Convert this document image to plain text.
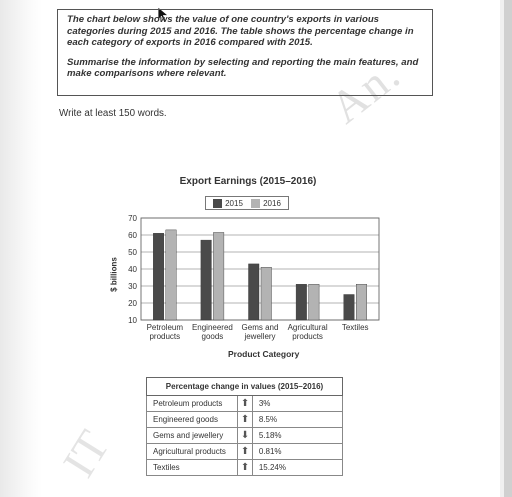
An.
IT

The chart below shows the value of one country's exports in various categories during 2015 and 2016. The table shows the percentage change in each category of exports in 2016 compared with 2015.

Summarise the information by selecting and reporting the main features, and make comparisons where relevant.

Write at least 150 words.
Export Earnings (2015–2016)
2015	2016
$ billions
Product Category
10
20
30
40
50
60
70
Petroleum
products
Engineered
goods
Gems and
jewellery
Agricultural
products
Textiles
Percentage change in values (2015–2016)		
Petroleum products	⬆	3%
Engineered goods	⬆	8.5%
Gems and jewellery	⬇	5.18%
Agricultural products	⬆	0.81%
Textiles	⬆	15.24%
